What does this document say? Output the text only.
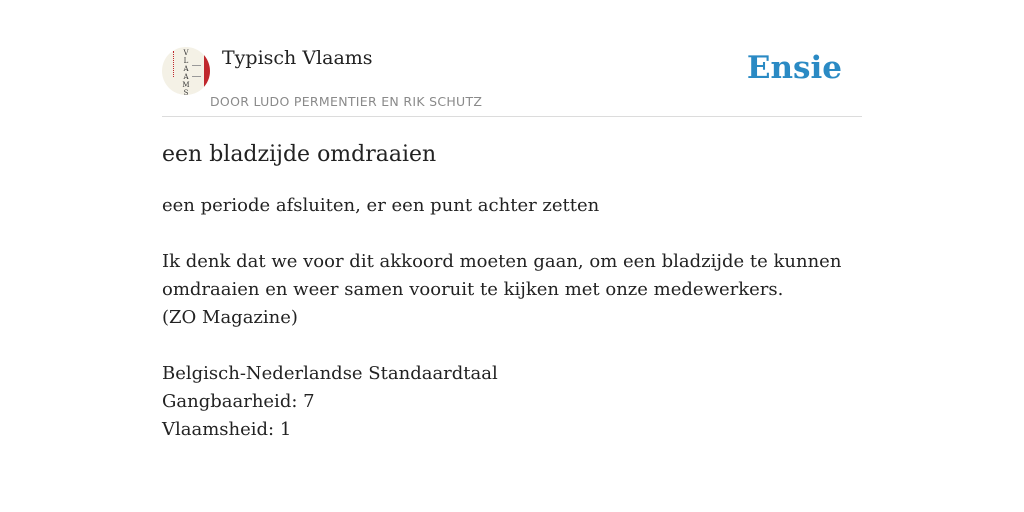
V
L
A
A
M
S
Typisch Vlaams
DOOR LUDO PERMENTIER EN RIK SCHUTZ
Ensie
een bladzijde omdraaien

een periode afsluiten, er een punt achter zetten

Ik denk dat we voor dit akkoord moeten gaan, om een bladzijde te kunnen

omdraaien en weer samen vooruit te kijken met onze medewerkers.

(ZO Magazine)

Belgisch-Nederlandse Standaardtaal

Gangbaarheid: 7

Vlaamsheid: 1
